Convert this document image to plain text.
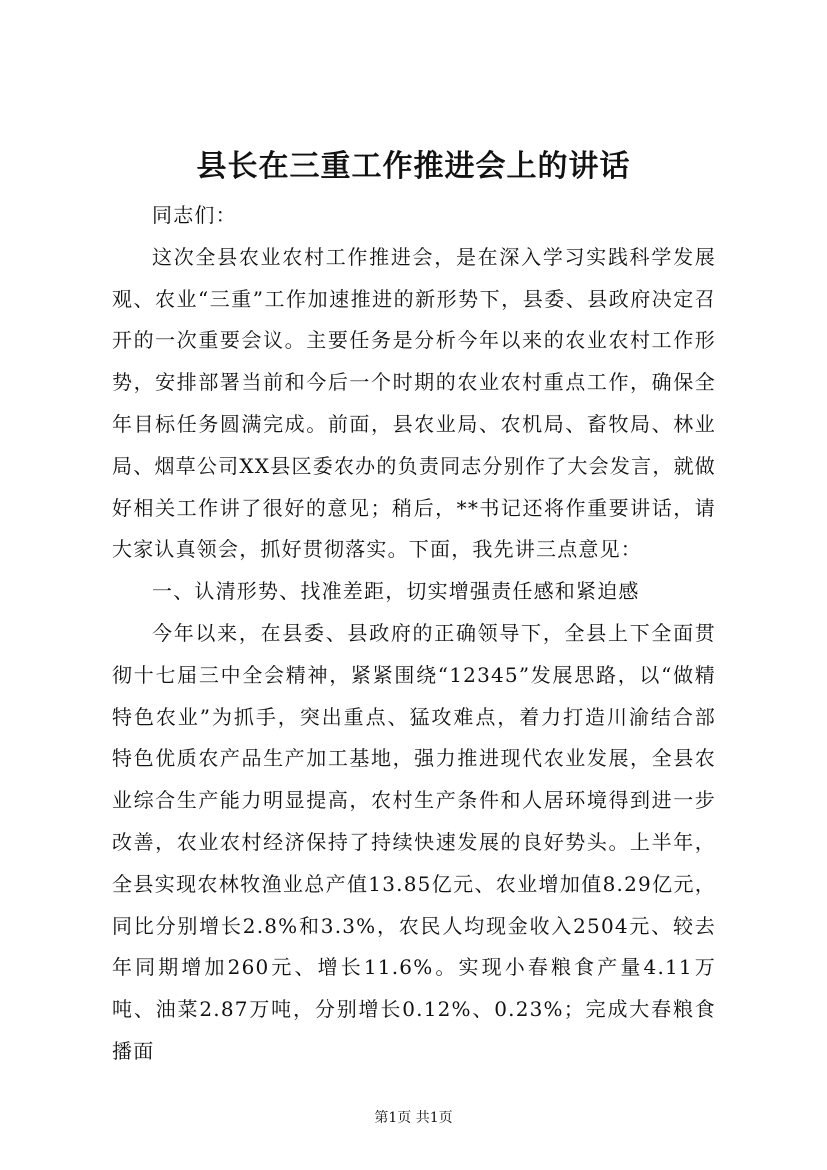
县长在三重工作推进会上的讲话

同志们：

这次全县农业农村工作推进会，是在深入学习实践科学发展观、农业“三重”工作加速推进的新形势下，县委、县政府决定召开的一次重要会议。主要任务是分析今年以来的农业农村工作形势，安排部署当前和今后一个时期的农业农村重点工作，确保全年目标任务圆满完成。前面，县农业局、农机局、畜牧局、林业局、烟草公司XX县区委农办的负责同志分别作了大会发言，就做好相关工作讲了很好的意见；稍后，**书记还将作重要讲话，请大家认真领会，抓好贯彻落实。下面，我先讲三点意见：

一、认清形势、找准差距，切实增强责任感和紧迫感

今年以来，在县委、县政府的正确领导下，全县上下全面贯彻十七届三中全会精神，紧紧围绕“12345”发展思路，以“做精特色农业”为抓手，突出重点、猛攻难点，着力打造川渝结合部特色优质农产品生产加工基地，强力推进现代农业发展，全县农业综合生产能力明显提高，农村生产条件和人居环境得到进一步改善，农业农村经济保持了持续快速发展的良好势头。上半年，全县实现农林牧渔业总产值13.85亿元、农业增加值8.29亿元，同比分别增长2.8%和3.3%，农民人均现金收入2504元、较去年同期增加260元、增长11.6%。实现小春粮食产量4.11万吨、油菜2.87万吨，分别增长0.12%、0.23%；完成大春粮食播面

第1页 共1页
